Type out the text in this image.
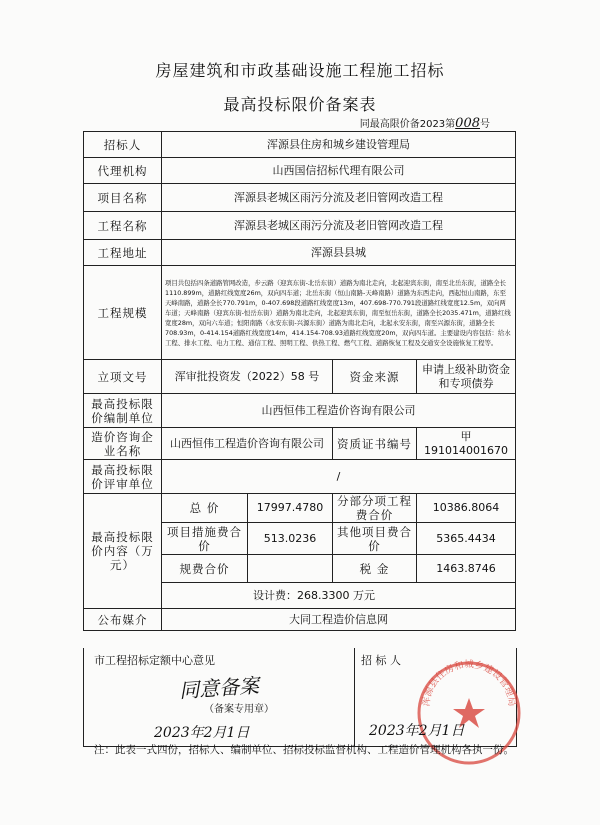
房屋建筑和市政基础设施工程施工招标
最高投标限价备案表
同最高限价备2023第008号
招标人	浑源县住房和城乡建设管理局			
代理机构	山西国信招标代理有限公司			
项目名称	浑源县老城区雨污分流及老旧管网改造工程			
工程名称	浑源县老城区雨污分流及老旧管网改造工程			
工程地址	浑源县县城			
工程规模	项目共包括四条道路管网改造，步云路（迎宾东街-北岳东街）道路为南北走向，北起迎宾东街，南至北岳东街，道路全长1110.899m，道路红线宽度26m，双向四车道；北岳东街（恒山南路-天峰南路）道路为东西走向，西起恒山南路，东至天峰南路，道路全长770.791m，0-407.698段道路红线宽度13m，407.698-770.791段道路红线宽度12.5m，双向两车道；天峰南路（迎宾东街-恒岳东街）道路为南北走向，北起迎宾东街，南至恒岳东街，道路全长2035.471m，道路红线宽度28m，双向六车道；恒阳南路（永安东街-兴源东街）道路为南北走向，北起永安东街，南至兴源东街，道路全长708.93m，0-414.154道路红线宽度14m，414.154-708.93道路红线宽度20m，双向四车道。主要建设内容包括：给水工程、排水工程、电力工程、通信工程、照明工程、供热工程、燃气工程、道路恢复工程及交通安全设施恢复工程等。			
立项文号	浑审批投资发（2022）58 号		资金来源	申请上级补助资金和专项债券
最高投标限价编制单位	山西恒伟工程造价咨询有限公司			
造价咨询企业名称	山西恒伟工程造价咨询有限公司		资质证书编号	甲 191014001670
最高投标限价评审单位	/			
最高投标限价内容（万元）	总 价	17997.4780	分部分项工程费合价	10386.8064
	项目措施费合价	513.0236	其他项目费合价	5365.4434
	规费合价		税 金	1463.8746
	设计费：268.3300 万元			
公布媒介	大同工程造价信息网			
市工程招标定额中心意见
同意备案
（备案专用章）
2023年2月1日
招 标 人
浑源县住房和城乡建设管理局
2023年2月1日
注：此表一式四份，招标人、编制单位、招标投标监督机构、工程造价管理机构各执一份。
